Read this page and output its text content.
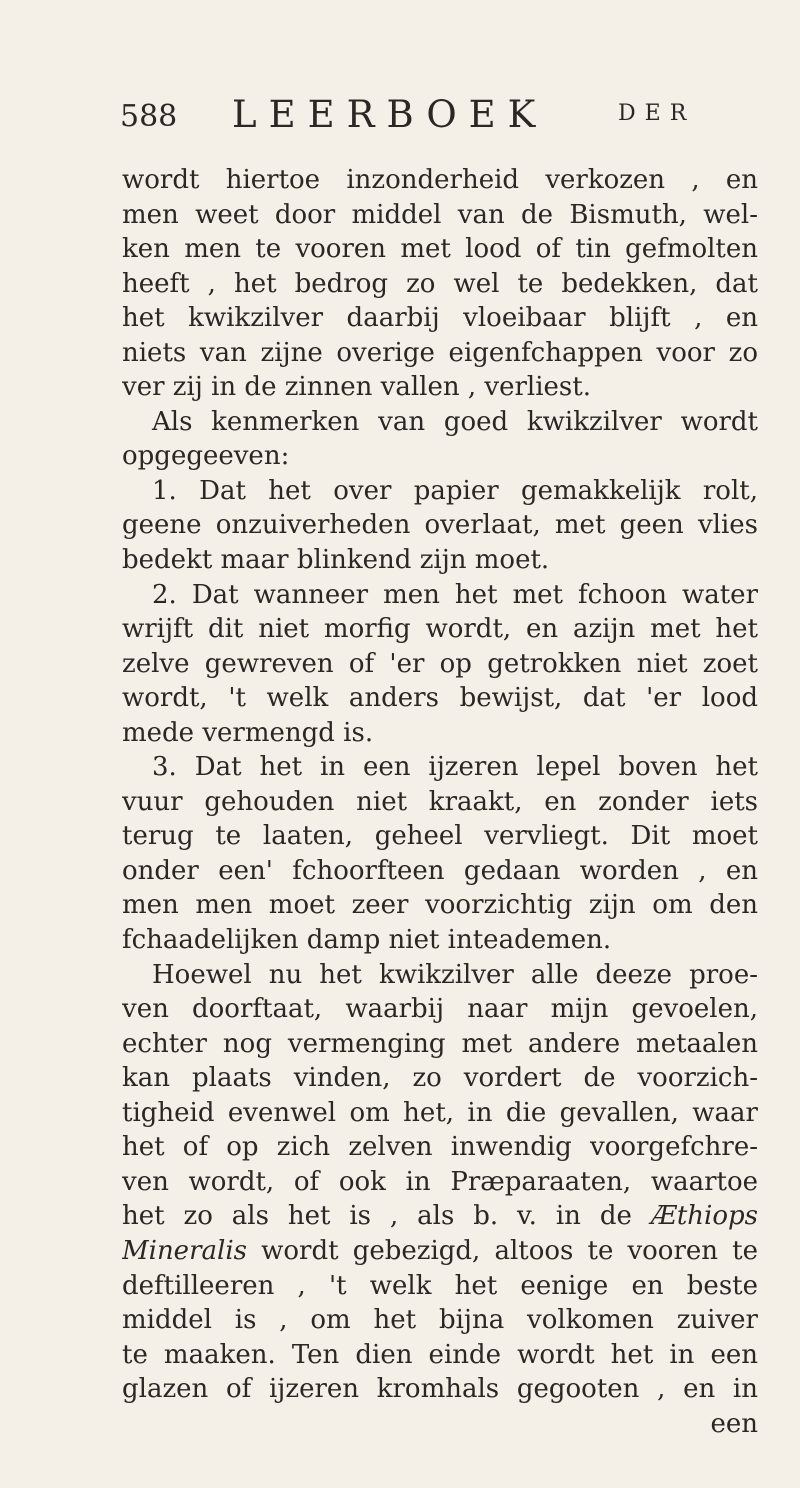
588 LEERBOEK	DER
wordt hiertoe inzonderheid verkozen , en
men weet door middel van de Bismuth, wel-
ken men te vooren met lood of tin gefmolten
heeft , het bedrog zo wel te bedekken, dat
het kwikzilver daarbij vloeibaar blijft , en
niets van zijne overige eigenfchappen voor zo
ver zij in de zinnen vallen , verliest.
Als kenmerken van goed kwikzilver wordt
opgegeeven:
1. Dat het over papier gemakkelijk rolt,
geene onzuiverheden overlaat, met geen vlies
bedekt maar blinkend zijn moet.
2. Dat wanneer men het met fchoon water
wrijft dit niet morfig wordt, en azijn met het
zelve gewreven of 'er op getrokken niet zoet
wordt, 't welk anders bewijst, dat 'er lood
mede vermengd is.
3. Dat het in een ijzeren lepel boven het
vuur gehouden niet kraakt, en zonder iets
terug te laaten, geheel vervliegt. Dit moet
onder een' fchoorfteen gedaan worden , en
men men moet zeer voorzichtig zijn om den
fchaadelijken damp niet inteademen.
Hoewel nu het kwikzilver alle deeze proe-
ven doorftaat, waarbij naar mijn gevoelen,
echter nog vermenging met andere metaalen
kan plaats vinden, zo vordert de voorzich-
tigheid evenwel om het, in die gevallen, waar
het of op zich zelven inwendig voorgefchre-
ven wordt, of ook in Præparaaten, waartoe
het zo als het is , als b. v. in de Æthiops
Mineralis wordt gebezigd, altoos te vooren te
deftilleeren , 't welk het eenige en beste
middel is , om het bijna volkomen zuiver
te maaken. Ten dien einde wordt het in een
glazen of ijzeren kromhals gegooten , en in
een
